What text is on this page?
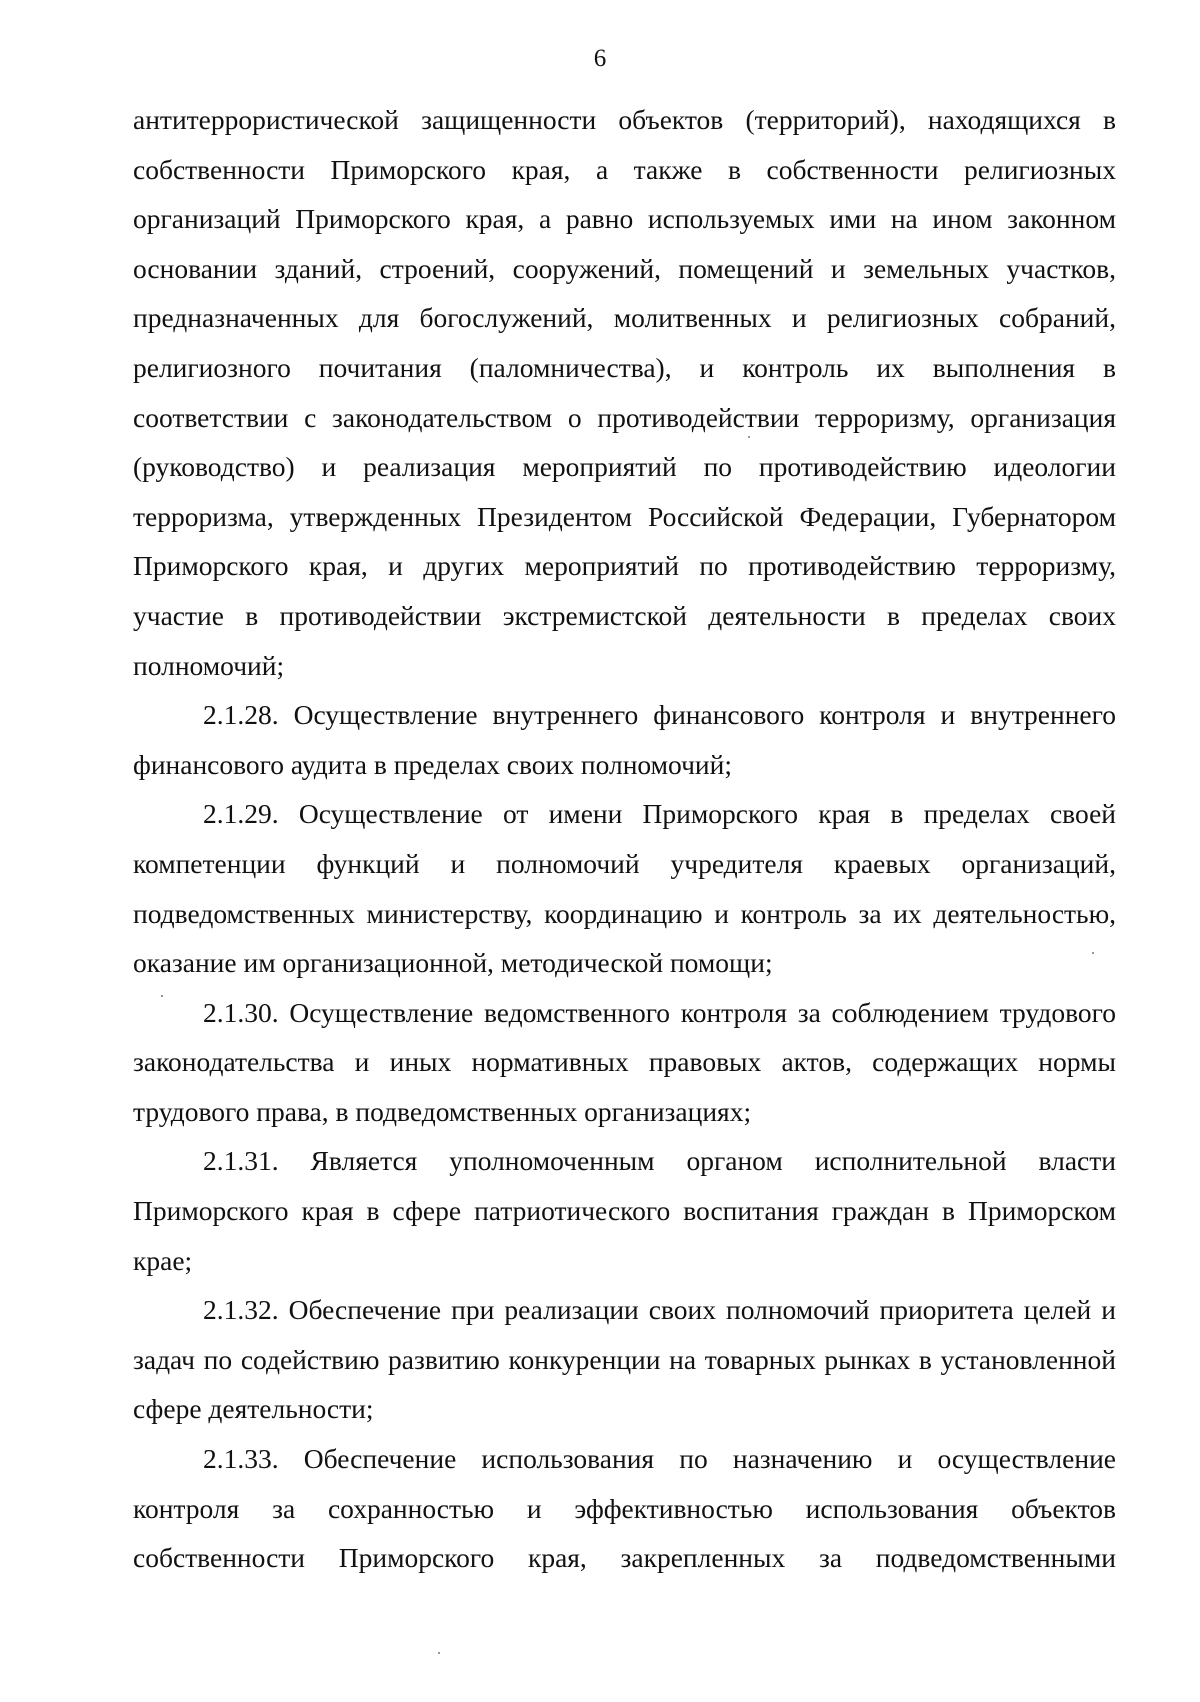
6

антитеррористической защищенности объектов (территорий), находящихся в собственности Приморского края, а также в собственности религиозных организаций Приморского края, а равно используемых ими на ином законном основании зданий, строений, сооружений, помещений и земельных участков, предназначенных для богослужений, молитвенных и религиозных собраний, религиозного почитания (паломничества), и контроль их выполнения в соответствии с законодательством о противодействии терроризму, организация (руководство) и реализация мероприятий по противодействию идеологии терроризма, утвержденных Президентом Российской Федерации, Губернатором Приморского края, и других мероприятий по противодействию терроризму, участие в противодействии экстремистской деятельности в пределах своих полномочий;

2.1.28. Осуществление внутреннего финансового контроля и внутреннего финансового аудита в пределах своих полномочий;

2.1.29. Осуществление от имени Приморского края в пределах своей компетенции функций и полномочий учредителя краевых организаций, подведомственных министерству, координацию и контроль за их деятельностью, оказание им организационной, методической помощи;

2.1.30. Осуществление ведомственного контроля за соблюдением трудового законодательства и иных нормативных правовых актов, содержащих нормы трудового права, в подведомственных организациях;

2.1.31. Является уполномоченным органом исполнительной власти Приморского края в сфере патриотического воспитания граждан в Приморском крае;

2.1.32. Обеспечение при реализации своих полномочий приоритета целей и задач по содействию развитию конкуренции на товарных рынках в установленной сфере деятельности;

2.1.33. Обеспечение использования по назначению и осуществление контроля за сохранностью и эффективностью использования объектов собственности Приморского края, закрепленных за подведомственными
